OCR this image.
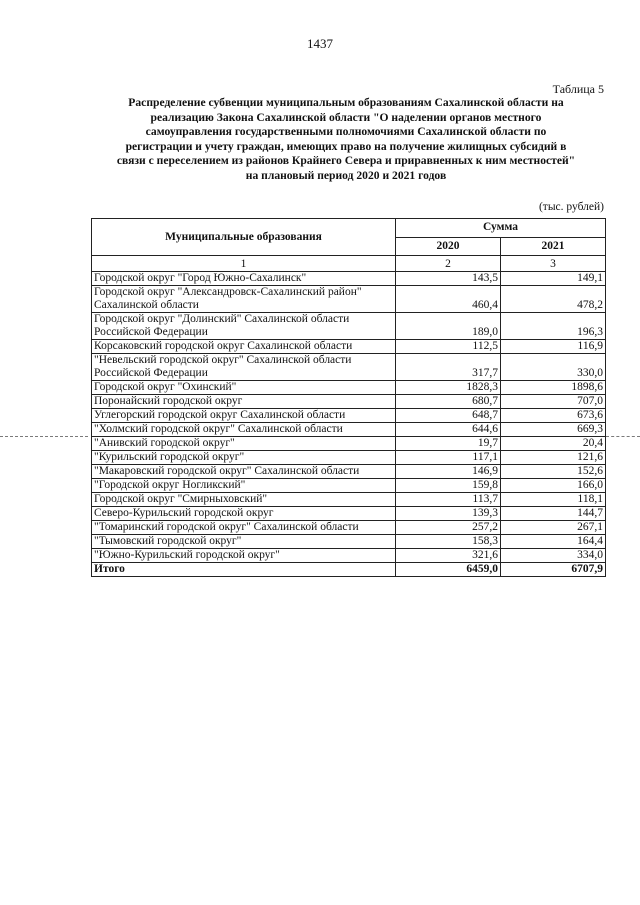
1437
Таблица 5
Распределение субвенции муниципальным образованиям Сахалинской области на
реализацию Закона Сахалинской области "О наделении органов местного
самоуправления государственными полномочиями Сахалинской области по
регистрации и учету граждан, имеющих право на получение жилищных субсидий в
связи с переселением из районов Крайнего Севера и приравненных к ним местностей"
на плановый период 2020 и 2021 годов
(тыс. рублей)
Муниципальные образования	Сумма	
	2020	2021
1	2	3
Городской округ "Город Южно-Сахалинск"	143,5	149,1
Городской округ "Александровск-Сахалинский район" Сахалинской области	460,4	478,2
Городской округ "Долинский" Сахалинской области Российской Федерации	189,0	196,3
Корсаковский городской округ Сахалинской области	112,5	116,9
"Невельский городской округ" Сахалинской области Российской Федерации	317,7	330,0
Городской округ "Охинский"	1828,3	1898,6
Поронайский городской округ	680,7	707,0
Углегорский городской округ Сахалинской области	648,7	673,6
"Холмский городской округ" Сахалинской области	644,6	669,3
"Анивский городской округ"	19,7	20,4
"Курильский городской округ"	117,1	121,6
"Макаровский городской округ" Сахалинской области	146,9	152,6
"Городской округ Ногликский"	159,8	166,0
Городской округ "Смирныховский"	113,7	118,1
Северо-Курильский городской округ	139,3	144,7
"Томаринский городской округ" Сахалинской области	257,2	267,1
"Тымовский городской округ"	158,3	164,4
"Южно-Курильский городской округ"	321,6	334,0
Итого	6459,0	6707,9
